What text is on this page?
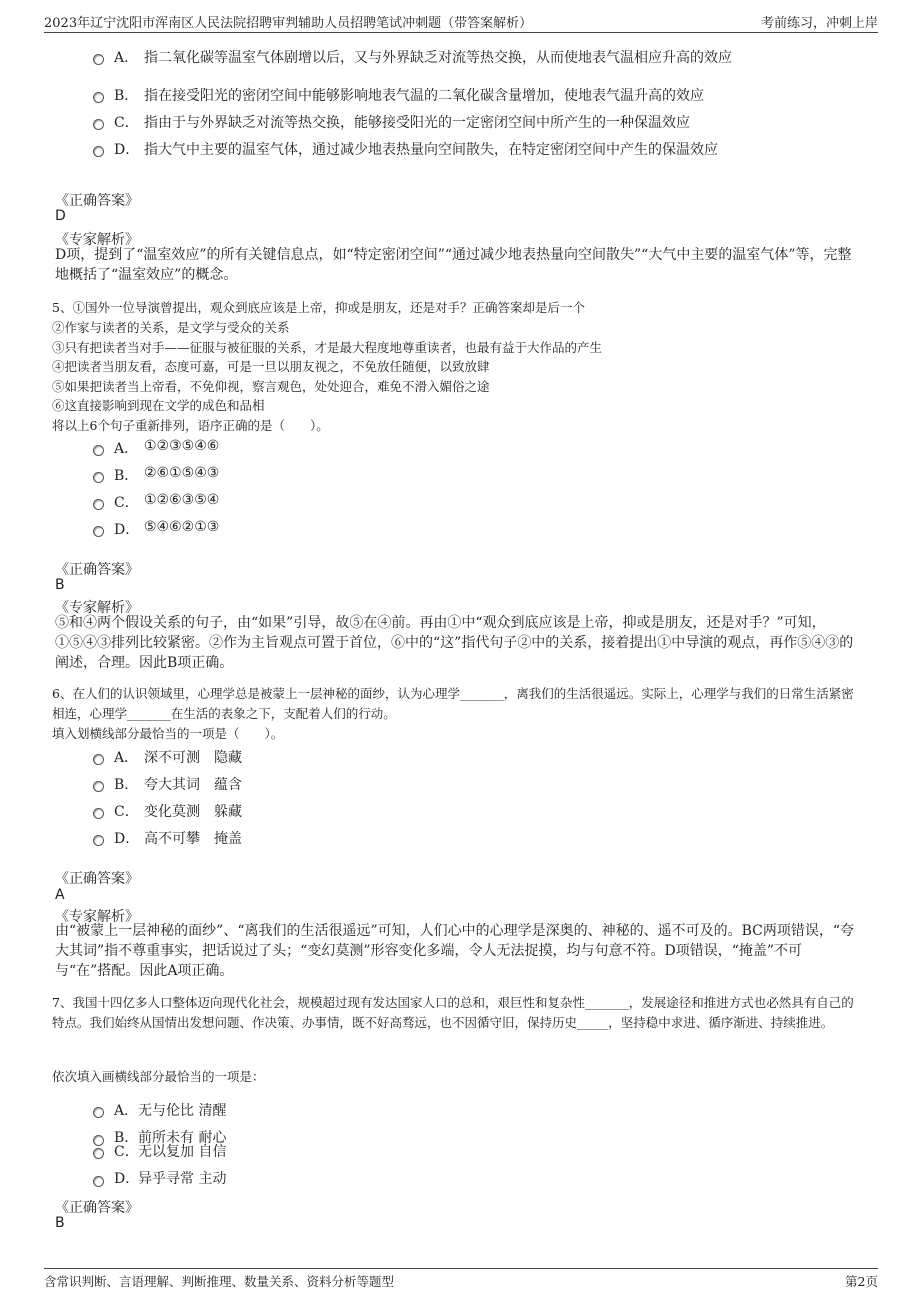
2023年辽宁沈阳市浑南区人民法院招聘审判辅助人员招聘笔试冲刺题（带答案解析）	考前练习，冲刺上岸
A． 指二氧化碳等温室气体剧增以后，又与外界缺乏对流等热交换，从而使地表气温相应升高的效应
B． 指在接受阳光的密闭空间中能够影响地表气温的二氧化碳含量增加，使地表气温升高的效应
C． 指由于与外界缺乏对流等热交换，能够接受阳光的一定密闭空间中所产生的一种保温效应
D． 指大气中主要的温室气体，通过减少地表热量向空间散失，在特定密闭空间中产生的保温效应
《正确答案》
D
《专家解析》
D项，提到了“温室效应”的所有关键信息点，如“特定密闭空间”“通过减少地表热量向空间散失”“大气中主要的温室气体”等，完整地概括了“温室效应”的概念。
5、①国外一位导演曾提出，观众到底应该是上帝，抑或是朋友，还是对手？正确答案却是后一个
②作家与读者的关系，是文学与受众的关系
③只有把读者当对手——征服与被征服的关系，才是最大程度地尊重读者，也最有益于大作品的产生
④把读者当朋友看，态度可嘉，可是一旦以朋友视之，不免放任随便，以致放肆
⑤如果把读者当上帝看，不免仰视，察言观色，处处迎合，难免不滑入媚俗之途
⑥这直接影响到现在文学的成色和品相
将以上6个句子重新排列，语序正确的是（　　）。
A． ①②③⑤④⑥
B． ②⑥①⑤④③
C． ①②⑥③⑤④
D． ⑤④⑥②①③
《正确答案》
B
《专家解析》
⑤和④两个假设关系的句子，由“如果”引导，故⑤在④前。再由①中“观众到底应该是上帝，抑或是朋友，还是对手？”可知，①⑤④③排列比较紧密。②作为主旨观点可置于首位，⑥中的“这”指代句子②中的关系，接着提出①中导演的观点，再作⑤④③的阐述，合理。因此B项正确。
6、在人们的认识领域里，心理学总是被蒙上一层神秘的面纱，认为心理学_______，离我们的生活很遥远。实际上，心理学与我们的日常生活紧密相连，心理学_______在生活的表象之下，支配着人们的行动。
填入划横线部分最恰当的一项是（　　）。
A． 深不可测　隐藏
B． 夸大其词　蕴含
C． 变化莫测　躲藏
D． 高不可攀　掩盖
《正确答案》
A
《专家解析》
由“被蒙上一层神秘的面纱”、“离我们的生活很遥远”可知，人们心中的心理学是深奥的、神秘的、遥不可及的。BC两项错误，“夸大其词”指不尊重事实，把话说过了头；“变幻莫测”形容变化多端，令人无法捉摸，均与句意不符。D项错误，“掩盖”不可与“在”搭配。因此A项正确。
7、我国十四亿多人口整体迈向现代化社会，规模超过现有发达国家人口的总和，艰巨性和复杂性_______，发展途径和推进方式也必然具有自己的特点。我们始终从国情出发想问题、作决策、办事情，既不好高骛远，也不因循守旧，保持历史_____，坚持稳中求进、循序渐进、持续推进。
依次填入画横线部分最恰当的一项是：
A． 无与伦比 清醒
B． 前所未有 耐心
C． 无以复加 自信
D．
异乎寻常 主动
《正确答案》
B
含常识判断、言语理解、判断推理、数量关系、资料分析等题型	第2页
